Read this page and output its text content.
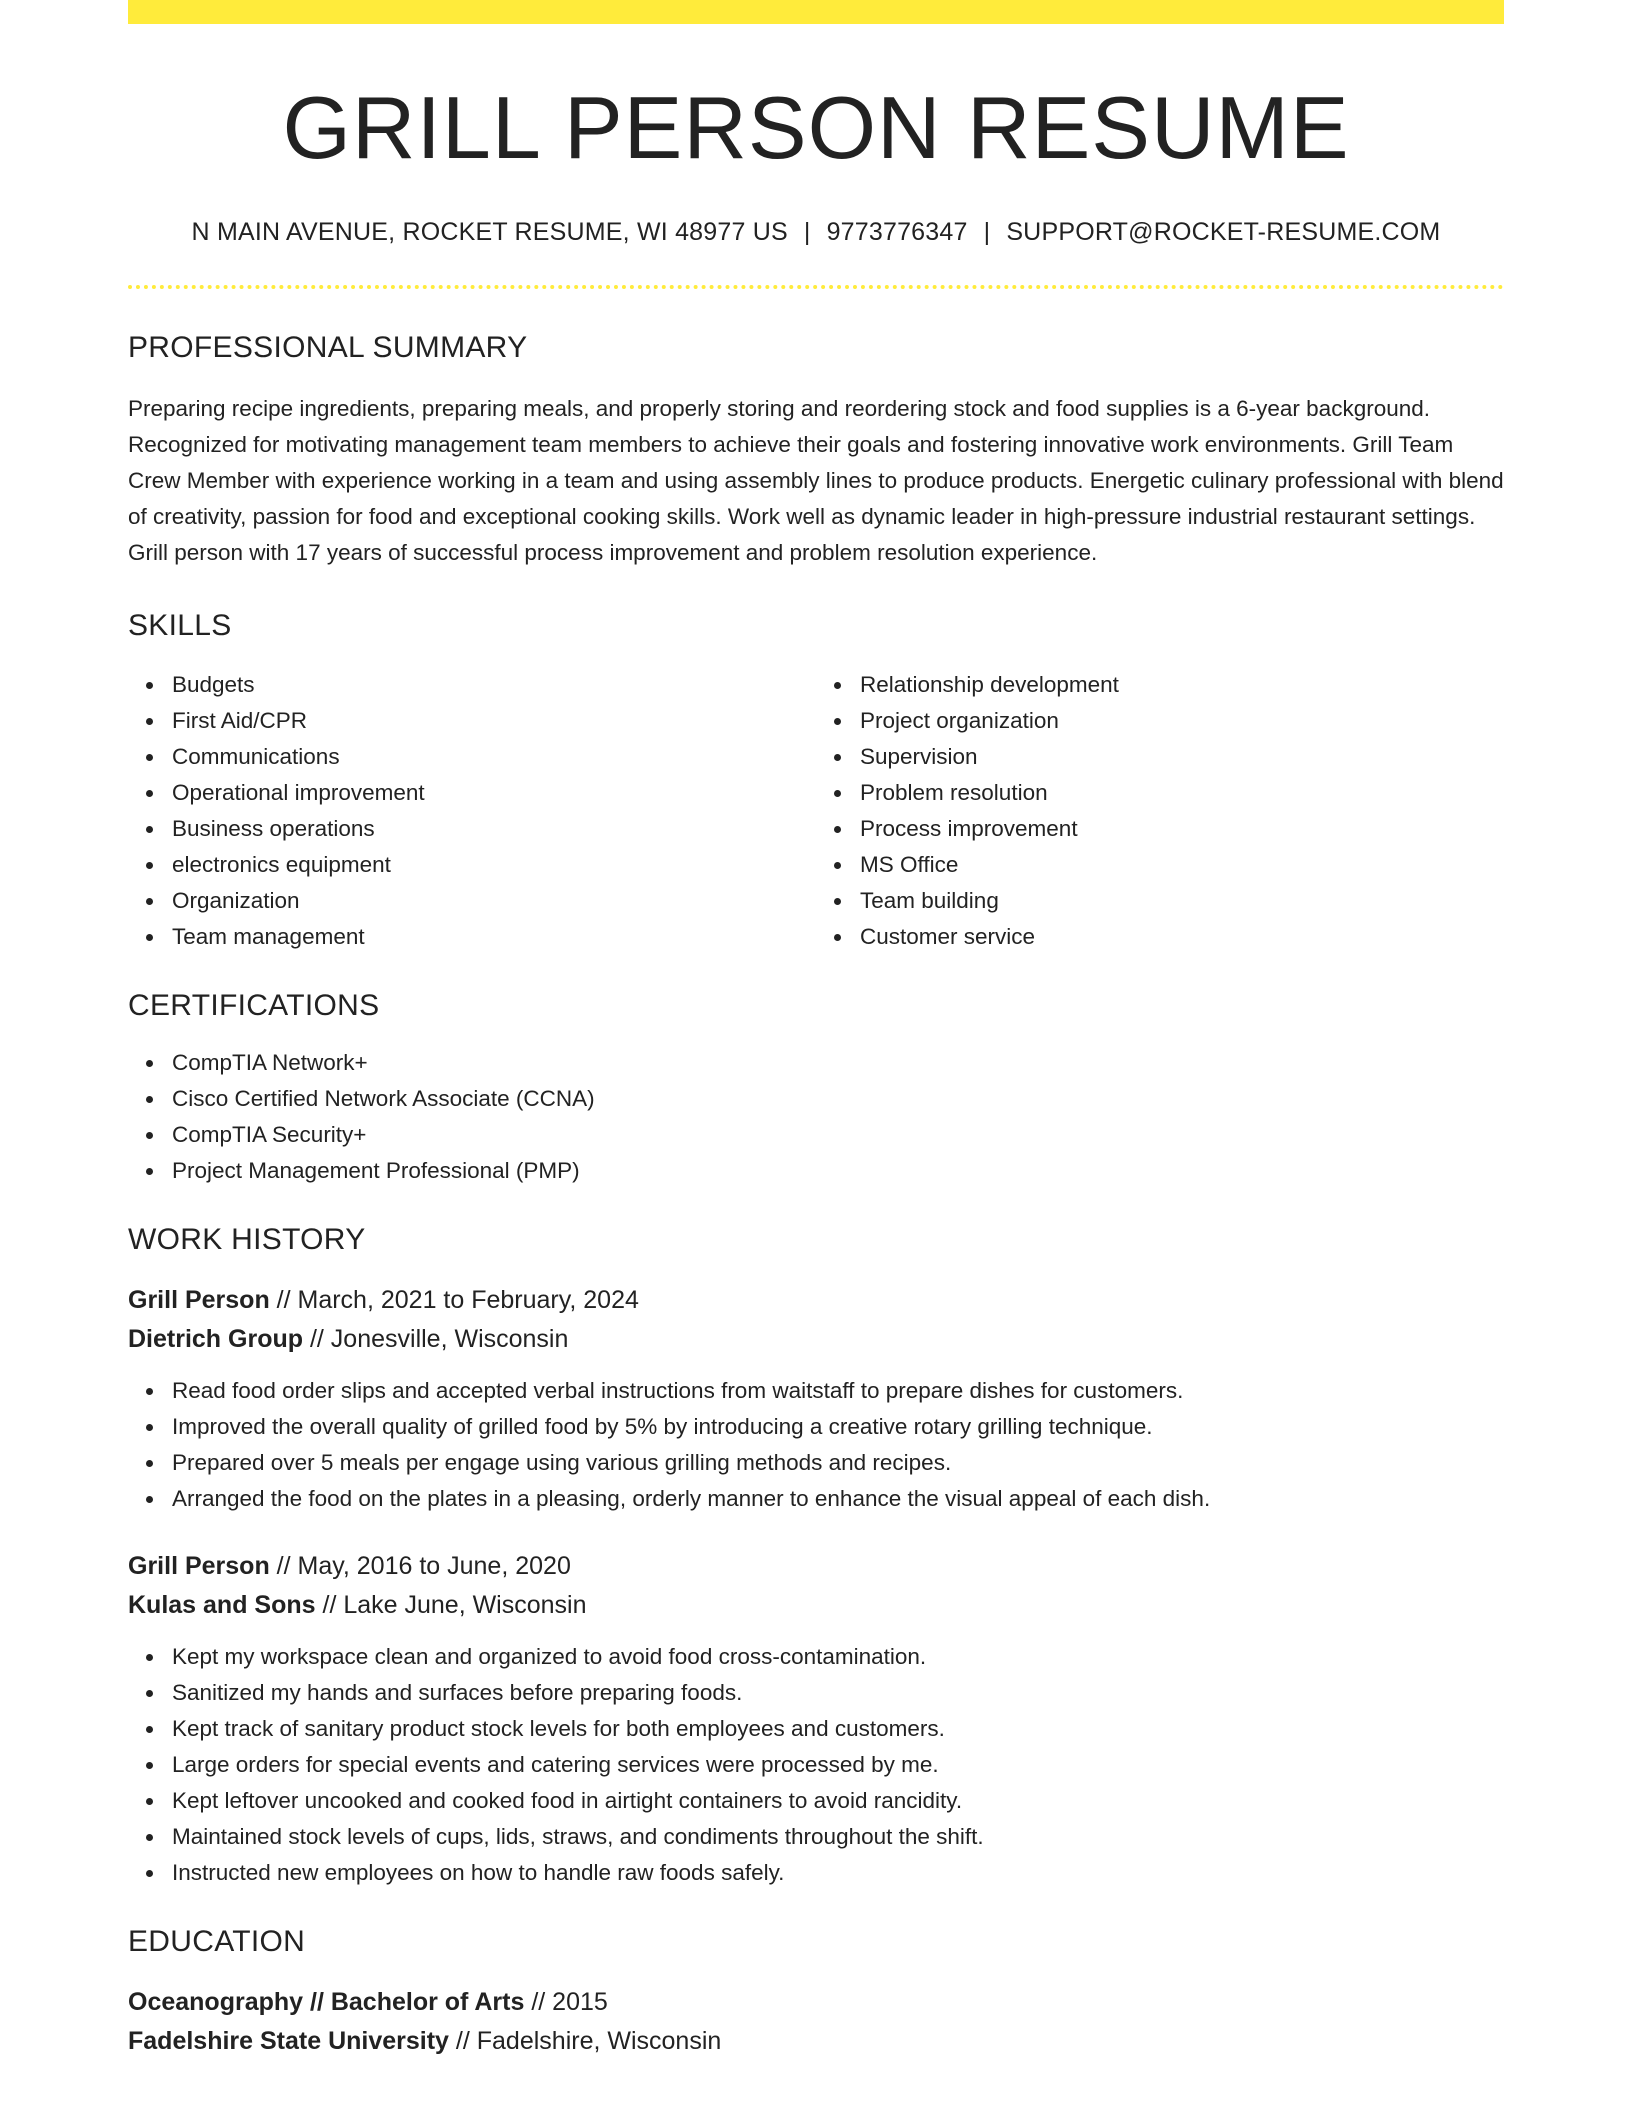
GRILL PERSON RESUME
N MAIN AVENUE, ROCKET RESUME, WI 48977 US | 9773776347 | SUPPORT@ROCKET-RESUME.COM
PROFESSIONAL SUMMARY

Preparing recipe ingredients, preparing meals, and properly storing and reordering stock and food supplies is a 6-year background. Recognized for motivating management team members to achieve their goals and fostering innovative work environments. Grill Team Crew Member with experience working in a team and using assembly lines to produce products. Energetic culinary professional with blend of creativity, passion for food and exceptional cooking skills. Work well as dynamic leader in high-pressure industrial restaurant settings. Grill person with 17 years of successful process improvement and problem resolution experience.

SKILLS
Budgets
First Aid/CPR
Communications
Operational improvement
Business operations
electronics equipment
Organization
Team management
Relationship development
Project organization
Supervision
Problem resolution
Process improvement
MS Office
Team building
Customer service
CERTIFICATIONS
CompTIA Network+
Cisco Certified Network Associate (CCNA)
CompTIA Security+
Project Management Professional (PMP)
WORK HISTORY
Grill Person // March, 2021 to February, 2024
Dietrich Group // Jonesville, Wisconsin
Read food order slips and accepted verbal instructions from waitstaff to prepare dishes for customers.
Improved the overall quality of grilled food by 5% by introducing a creative rotary grilling technique.
Prepared over 5 meals per engage using various grilling methods and recipes.
Arranged the food on the plates in a pleasing, orderly manner to enhance the visual appeal of each dish.
Grill Person // May, 2016 to June, 2020
Kulas and Sons // Lake June, Wisconsin
Kept my workspace clean and organized to avoid food cross-contamination.
Sanitized my hands and surfaces before preparing foods.
Kept track of sanitary product stock levels for both employees and customers.
Large orders for special events and catering services were processed by me.
Kept leftover uncooked and cooked food in airtight containers to avoid rancidity.
Maintained stock levels of cups, lids, straws, and condiments throughout the shift.
Instructed new employees on how to handle raw foods safely.
EDUCATION
Oceanography // Bachelor of Arts // 2015
Fadelshire State University // Fadelshire, Wisconsin
